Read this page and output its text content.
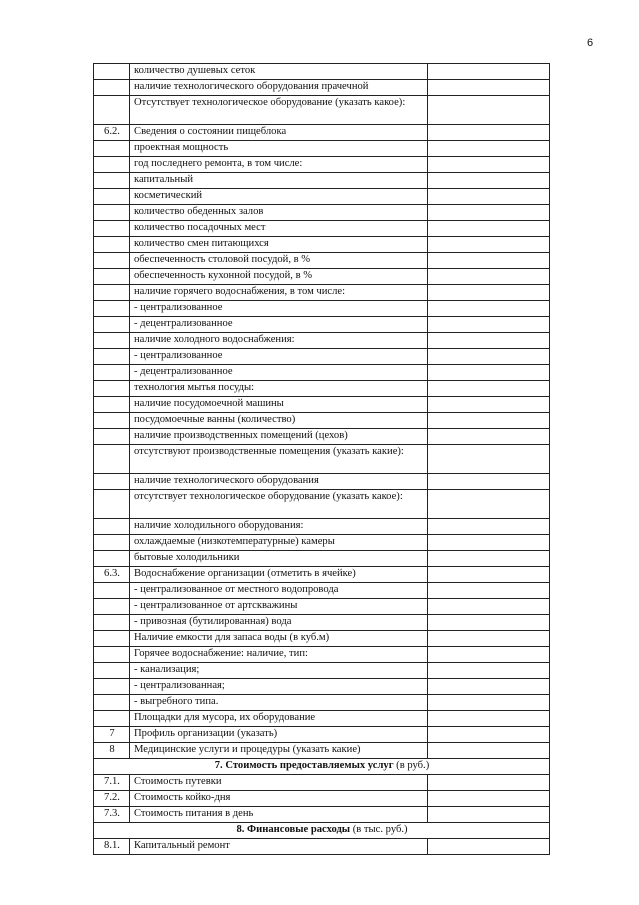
6
	количество душевых сеток	
	наличие технологического оборудования прачечной	
	Отсутствует технологическое оборудование (указать какое):	
6.2.	Сведения о состоянии пищеблока	
	проектная мощность	
	год последнего ремонта, в том числе:	
	капитальный	
	косметический	
	количество обеденных залов	
	количество посадочных мест	
	количество смен питающихся	
	обеспеченность столовой посудой, в %	
	обеспеченность кухонной посудой, в %	
	наличие горячего водоснабжения, в том числе:	
	- централизованное	
	- децентрализованное	
	наличие холодного водоснабжения:	
	- централизованное	
	- децентрализованное	
	технология мытья посуды:	
	наличие посудомоечной машины	
	посудомоечные ванны (количество)	
	наличие производственных помещений (цехов)	
	отсутствуют производственные помещения (указать какие):	
	наличие технологического оборудования	
	отсутствует технологическое оборудование (указать какое):	
	наличие холодильного оборудования:	
	охлаждаемые (низкотемпературные) камеры	
	бытовые холодильники	
6.3.	Водоснабжение организации (отметить в ячейке)	
	- централизованное от местного водопровода	
	- централизованное от артскважины	
	- привозная (бутилированная) вода	
	Наличие емкости для запаса воды (в куб.м)	
	Горячее водоснабжение: наличие, тип:	
	- канализация;	
	- централизованная;	
	- выгребного типа.	
	Площадки для мусора, их оборудование	
7	Профиль организации (указать)	
8	Медицинские услуги и процедуры (указать какие)	
7. Стоимость предоставляемых услуг (в руб.)		
7.1.	Стоимость путевки	
7.2.	Стоимость койко-дня	
7.3.	Стоимость питания в день	
8. Финансовые расходы (в тыс. руб.)		
8.1.	Капитальный ремонт	
